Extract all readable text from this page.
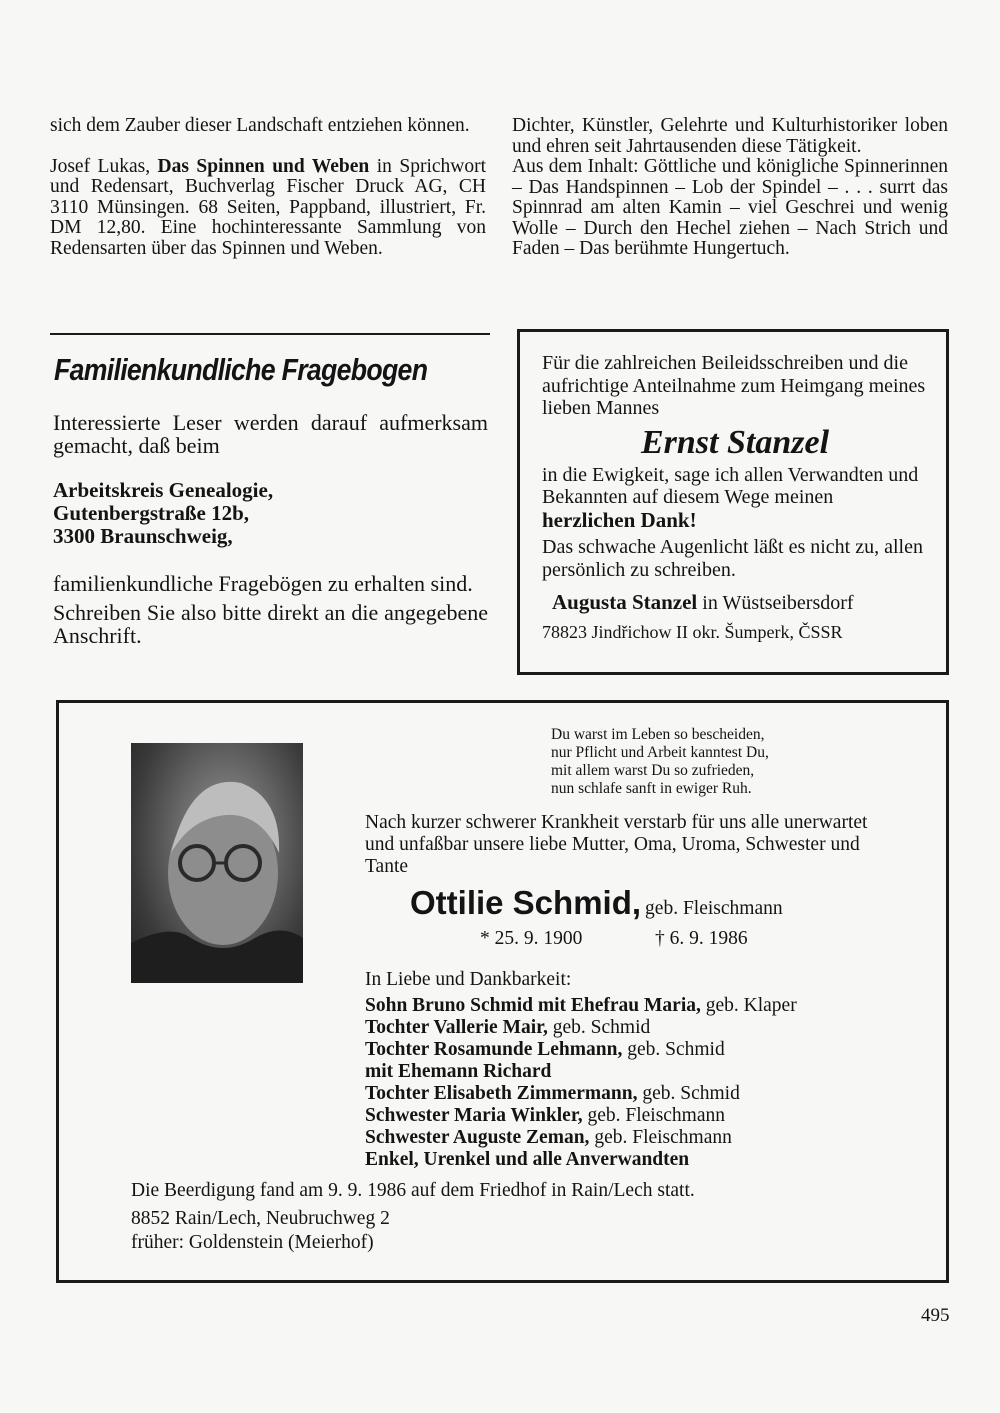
sich dem Zauber dieser Landschaft entziehen können.

Josef Lukas, Das Spinnen und Weben in Sprichwort und Redensart, Buchverlag Fischer Druck AG, CH 3110 Münsingen. 68 Seiten, Pappband, illustriert, Fr. DM 12,80. Eine hochinteressante Sammlung von Redensarten über das Spinnen und Weben.

Dichter, Künstler, Gelehrte und Kulturhistoriker loben und ehren seit Jahrtausenden diese Tätigkeit.

Aus dem Inhalt: Göttliche und königliche Spinnerinnen – Das Handspinnen – Lob der Spindel – . . . surrt das Spinnrad am alten Kamin – viel Geschrei und wenig Wolle – Durch den Hechel ziehen – Nach Strich und Faden – Das berühmte Hungertuch.

Familienkundliche Fragebogen

Interessierte Leser werden darauf aufmerksam gemacht, daß beim

Arbeitskreis Genealogie,
Gutenbergstraße 12b,
3300 Braunschweig,

familienkundliche Fragebögen zu erhalten sind.

Schreiben Sie also bitte direkt an die angegebene Anschrift.

Für die zahlreichen Beileidsschreiben und die aufrichtige Anteilnahme zum Heimgang meines lieben Mannes

Ernst Stanzel

in die Ewigkeit, sage ich allen Verwandten und Bekannten auf diesem Wege meinen herzlichen Dank!

Das schwache Augenlicht läßt es nicht zu, allen persönlich zu schreiben.

Augusta Stanzel in Wüstseibersdorf

78823 Jindřichow II okr. Šumperk, ČSSR

Du warst im Leben so bescheiden,
nur Pflicht und Arbeit kanntest Du,
mit allem warst Du so zufrieden,
nun schlafe sanft in ewiger Ruh.
Nach kurzer schwerer Krankheit verstarb für uns alle unerwartet und unfaßbar unsere liebe Mutter, Oma, Uroma, Schwester und Tante
Ottilie Schmid, geb. Fleischmann
* 25. 9. 1900	† 6. 9. 1986
In Liebe und Dankbarkeit:
Sohn Bruno Schmid mit Ehefrau Maria, geb. Klaper
Tochter Vallerie Mair, geb. Schmid
Tochter Rosamunde Lehmann, geb. Schmid
mit Ehemann Richard
Tochter Elisabeth Zimmermann, geb. Schmid
Schwester Maria Winkler, geb. Fleischmann
Schwester Auguste Zeman, geb. Fleischmann
Enkel, Urenkel und alle Anverwandten
Die Beerdigung fand am 9. 9. 1986 auf dem Friedhof in Rain/Lech statt.
8852 Rain/Lech, Neubruchweg 2
früher: Goldenstein (Meierhof)
495
